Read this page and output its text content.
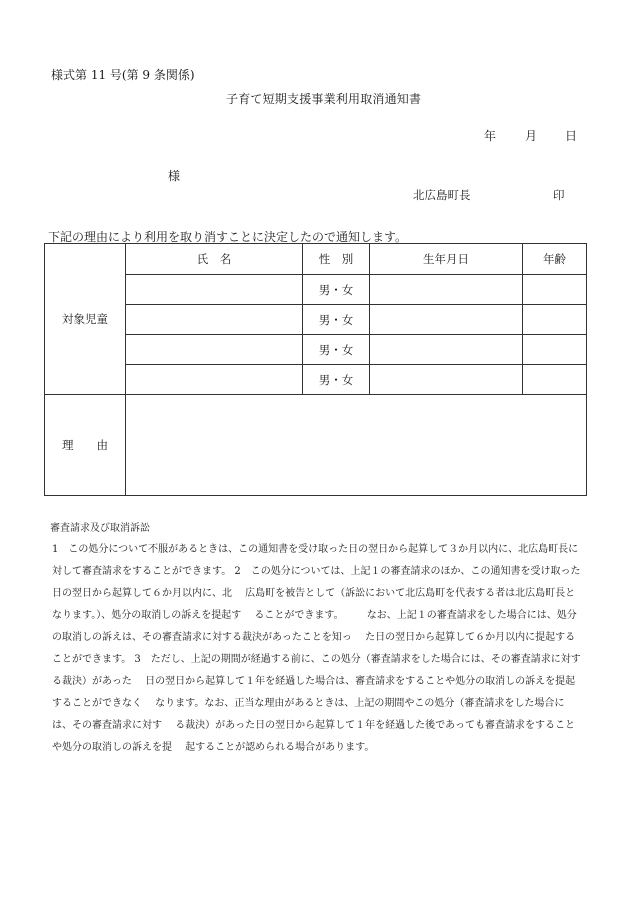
様式第 11 号(第 9 条関係)
子育て短期支援事業利用取消通知書
年 月 日
様
北広島町長	印
下記の理由により利用を取り消すことに決定したので通知します。
対象児童	氏　名	性　別	生年月日	年齢
		男・女		
		男・女		
		男・女		
		男・女		
理　　由				
審査請求及び取消訴訟
1　この処分について不服があるときは、この通知書を受け取った日の翌日から起算して３か月以内に、北広島町長に 　対して審査請求をすることができます。 2　この処分については、上記１の審査請求のほか、この通知書を受け取った日の翌日から起算して６か月以内に、北 　広島町を被告として（訴訟において北広島町を代表する者は北広島町長となります。）、処分の取消しの訴えを提起す 　ることができます。 　　なお、上記１の審査請求をした場合には、処分の取消しの訴えは、その審査請求に対する裁決があったことを知っ 　た日の翌日から起算して６か月以内に提起することができます。 3　ただし、上記の期間が経過する前に、この処分（審査請求をした場合には、その審査請求に対する裁決）があった 　日の翌日から起算して１年を経過した場合は、審査請求をすることや処分の取消しの訴えを提起することができなく 　なります。なお、正当な理由があるときは、上記の期間やこの処分（審査請求をした場合には、その審査請求に対す 　る裁決）があった日の翌日から起算して１年を経過した後であっても審査請求をすることや処分の取消しの訴えを提 　起することが認められる場合があります。
